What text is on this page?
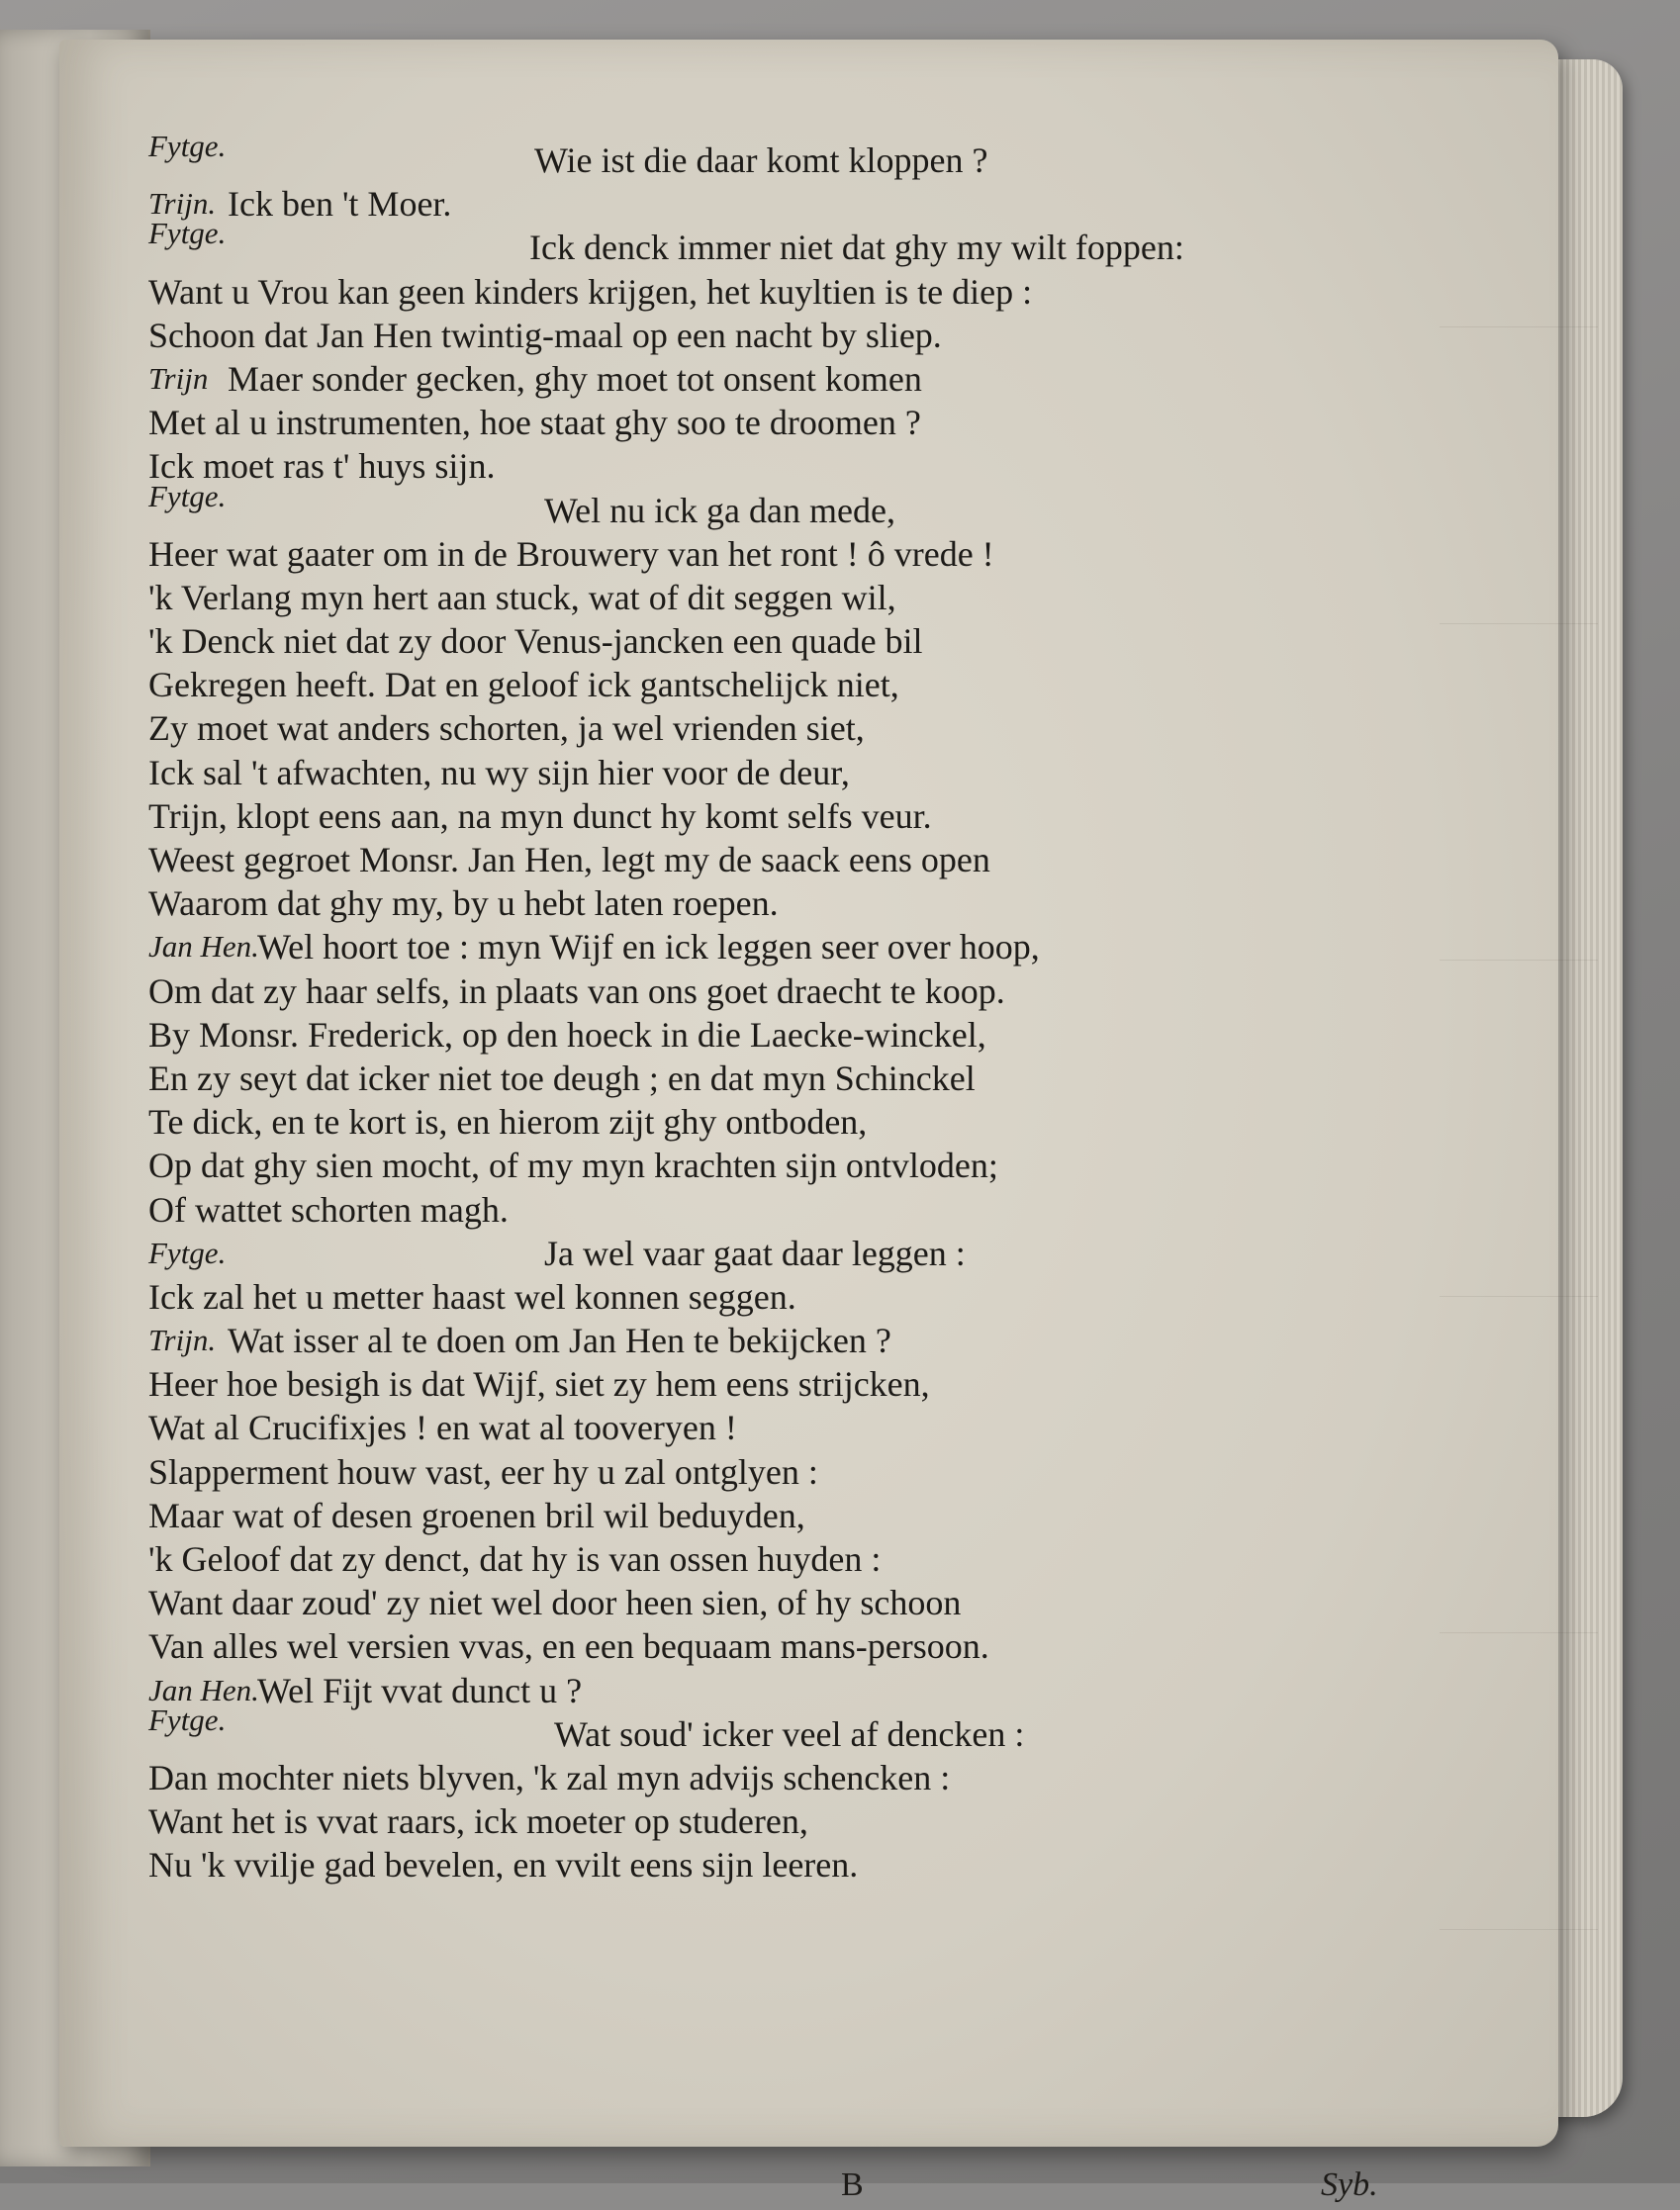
Fytge.	Wie ist die daar komt kloppen ?
Trijn. Ick ben 't Moer.
Fytge.	Ick denck immer niet dat ghy my wilt foppen:
Want u Vrou kan geen kinders krijgen, het kuyltien is te diep :
Schoon dat Jan Hen twintig-maal op een nacht by sliep.
Trijn Maer sonder gecken, ghy moet tot onsent komen
Met al u instrumenten, hoe staat ghy soo te droomen ?
Ick moet ras t' huys sijn.
Fytge.	Wel nu ick ga dan mede,
Heer wat gaater om in de Brouwery van het ront ! ô vrede !
'k Verlang myn hert aan stuck, wat of dit seggen wil,
'k Denck niet dat zy door Venus-jancken een quade bil
Gekregen heeft. Dat en geloof ick gantschelijck niet,
Zy moet wat anders schorten, ja wel vrienden siet,
Ick sal 't afwachten, nu wy sijn hier voor de deur,
Trijn, klopt eens aan, na myn dunct hy komt selfs veur.
Weest gegroet Monsr. Jan Hen, legt my de saack eens open
Waarom dat ghy my, by u hebt laten roepen.
Jan Hen.
Wel hoort toe : myn Wijf en ick leggen seer over hoop,
Om dat zy haar selfs, in plaats van ons goet draecht te koop.
By Monsr. Frederick, op den hoeck in die Laecke-winckel,
En zy seyt dat icker niet toe deugh ; en dat myn Schinckel
Te dick, en te kort is, en hierom zijt ghy ontboden,
Op dat ghy sien mocht, of my myn krachten sijn ontvloden;
Of wattet schorten magh.
Fytge.	Ja wel vaar gaat daar leggen :
Ick zal het u metter haast wel konnen seggen.
Trijn. Wat isser al te doen om Jan Hen te bekijcken ?
Heer hoe besigh is dat Wijf, siet zy hem eens strijcken,
Wat al Crucifixjes ! en wat al tooveryen !
Slapperment houw vast, eer hy u zal ontglyen :
Maar wat of desen groenen bril wil beduyden,
'k Geloof dat zy denct, dat hy is van ossen huyden :
Want daar zoud' zy niet wel door heen sien, of hy schoon
Van alles wel versien vvas, en een bequaam mans-persoon.
Jan Hen.
Wel Fijt vvat dunct u ?
Fytge.	Wat soud' icker veel af dencken :
Dan mochter niets blyven, 'k zal myn advijs schencken :
Want het is vvat raars, ick moeter op studeren,
Nu 'k vvilje gad bevelen, en vvilt eens sijn leeren.
B	Syb.
